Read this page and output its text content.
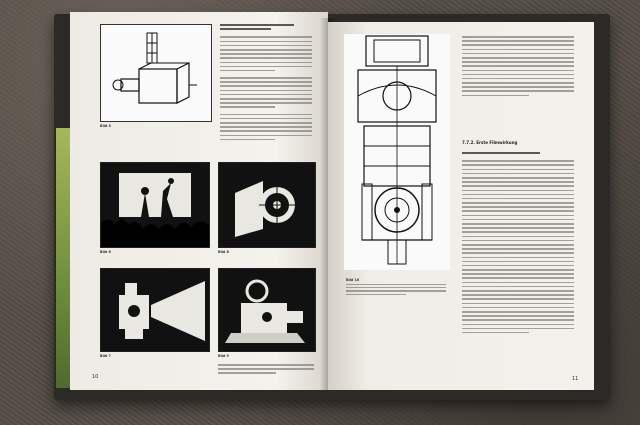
Bild 5
Bild 6	Bild 8
Bild 7	Bild 9
10
Bild 10
7.7.2. Erste Filmwirkung
11
